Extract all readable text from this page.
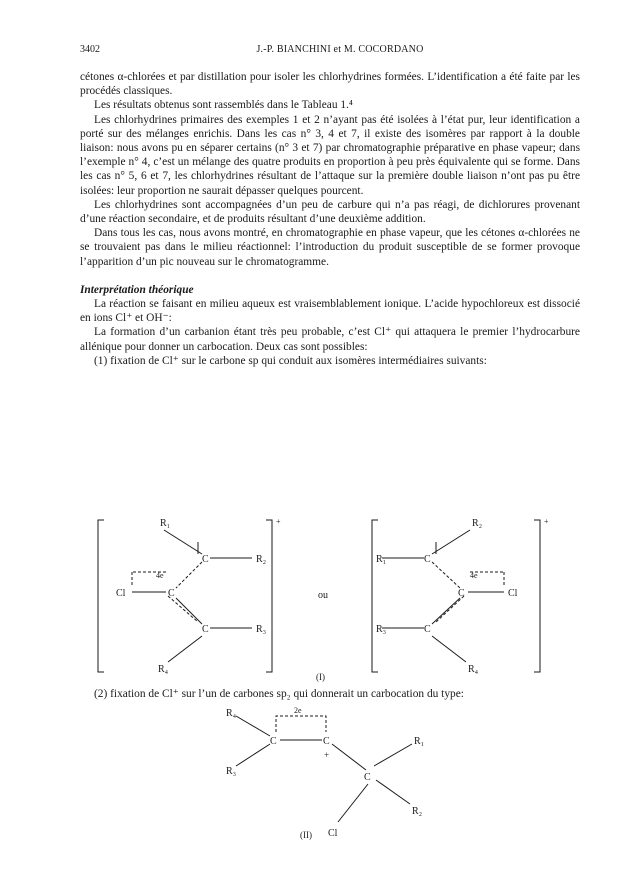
3402	J.-P. BIANCHINI et M. COCORDANO

cétones α-chlorées et par distillation pour isoler les chlorhydrines formées. L’identification a été faite par les procédés classiques.

Les résultats obtenus sont rassemblés dans le Tableau 1.⁴

Les chlorhydrines primaires des exemples 1 et 2 n’ayant pas été isolées à l’état pur, leur identification a porté sur des mélanges enrichis. Dans les cas n° 3, 4 et 7, il existe des isomères par rapport à la double liaison: nous avons pu en séparer certains (n° 3 et 7) par chromatographie préparative en phase vapeur; dans l’exemple n° 4, c’est un mélange des quatre produits en proportion à peu près équivalente qui se forme. Dans les cas n° 5, 6 et 7, les chlorhydrines résultant de l’attaque sur la première double liaison n’ont pas pu être isolées: leur proportion ne saurait dépasser quelques pourcent.

Les chlorhydrines sont accompagnées d’un peu de carbure qui n’a pas réagi, de dichlorures provenant d’une réaction secondaire, et de produits résultant d’une deuxième addition.

Dans tous les cas, nous avons montré, en chromatographie en phase vapeur, que les cétones α-chlorées ne se trouvaient pas dans le milieu réactionnel: l’introduction du produit susceptible de se former provoque l’apparition d’un pic nouveau sur le chromatogramme.

Interprétation théorique

La réaction se faisant en milieu aqueux est vraisemblablement ionique. L’acide hypochloreux est dissocié en ions Cl⁺ et OH⁻:

La formation d’un carbanion étant très peu probable, c’est Cl⁺ qui attaquera le premier l’hydrocarbure allénique pour donner un carbocation. Deux cas sont possibles:

(1) fixation de Cl⁺ sur le carbone sp qui conduit aux isomères intermédiaires suivants:

R₁
R₂
R₃
R₄
C
C
C
4e
Cl
+
ou
(I)
R₂
R₁
R₃
R₄
C
C
C
4e
Cl
+
(2) fixation de Cl⁺ sur l’un de carbones sp₂ qui donnerait un carbocation du type:
R₄
R₃
R₁
R₂
C	C
C
2e
+
Cl
(II)
